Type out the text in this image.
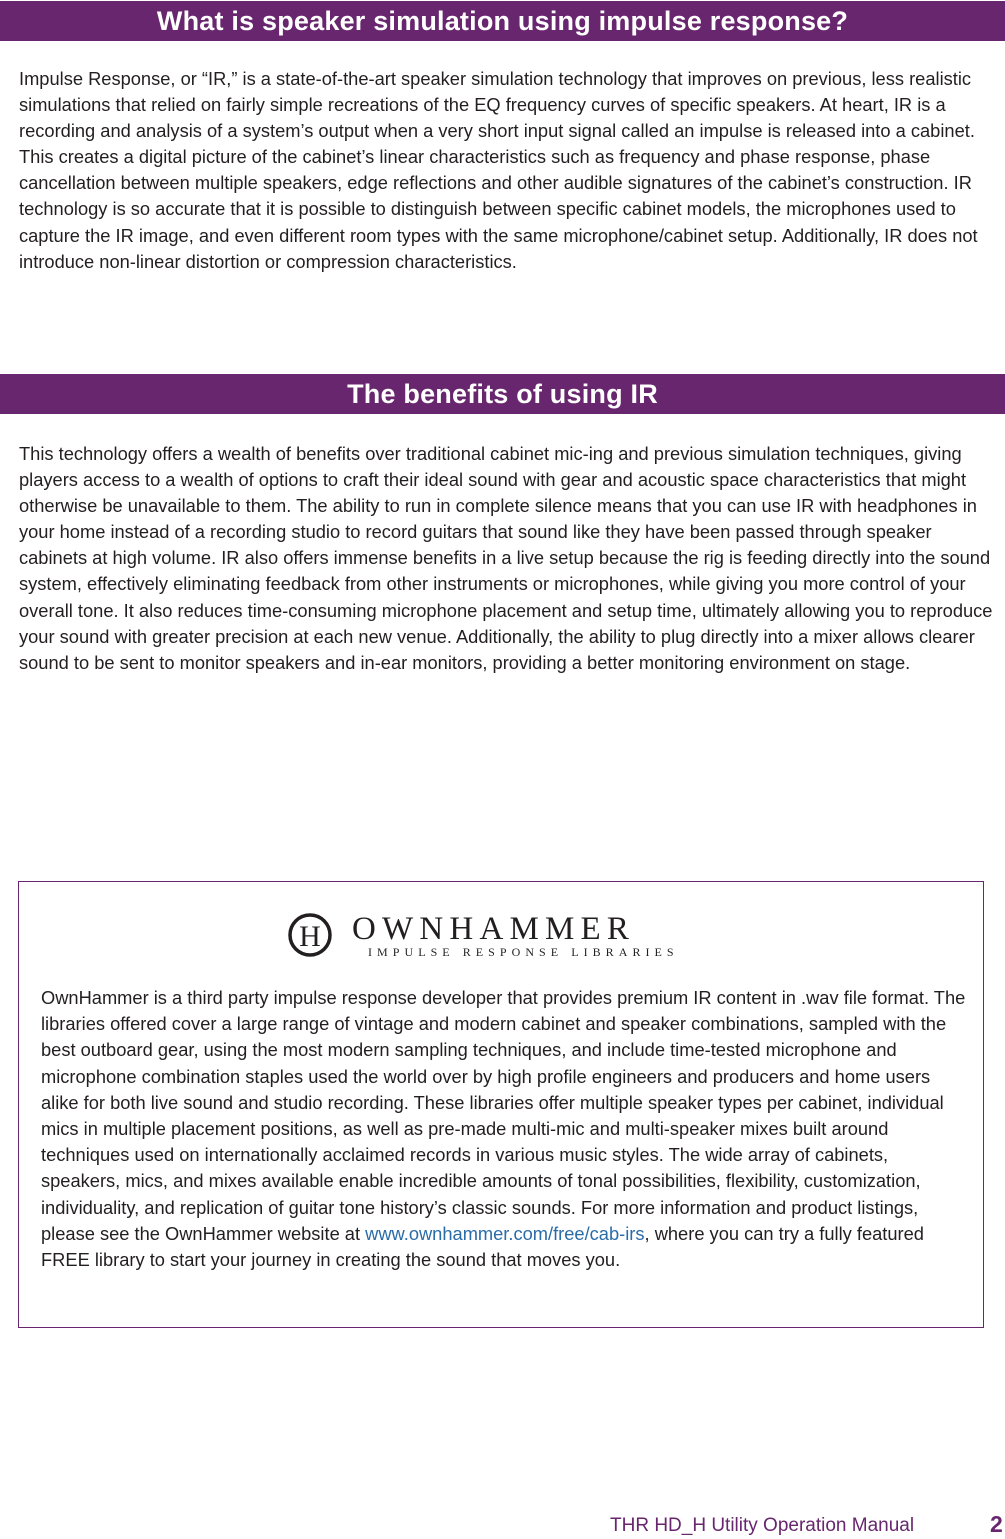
What is speaker simulation using impulse response?

Impulse Response, or “IR,” is a state-of-the-art speaker simulation technology that improves on previous, less realistic simulations that relied on fairly simple recreations of the EQ frequency curves of specific speakers. At heart, IR is a recording and analysis of a system’s output when a very short input signal called an impulse is released into a cabinet. This creates a digital picture of the cabinet’s linear characteristics such as frequency and phase response, phase cancellation between multiple speakers, edge reflections and other audible signatures of the cabinet’s construction. IR technology is so accurate that it is possible to distinguish between specific cabinet models, the microphones used to capture the IR image, and even different room types with the same microphone/cabinet setup. Additionally, IR does not introduce non-linear distortion or compression characteristics.

The benefits of using IR

This technology offers a wealth of benefits over traditional cabinet mic-ing and previous simulation techniques, giving players access to a wealth of options to craft their ideal sound with gear and acoustic space characteristics that might otherwise be unavailable to them. The ability to run in complete silence means that you can use IR with headphones in your home instead of a recording studio to record guitars that sound like they have been passed through speaker cabinets at high volume. IR also offers immense benefits in a live setup because the rig is feeding directly into the sound system, effectively eliminating feedback from other instruments or microphones, while giving you more control of your overall tone. It also reduces time-consuming microphone placement and setup time, ultimately allowing you to reproduce your sound with greater precision at each new venue. Additionally, the ability to plug directly into a mixer allows clearer sound to be sent to monitor speakers and in-ear monitors, providing a better monitoring environment on stage.

H OWNHAMMER
IMPULSE RESPONSE LIBRARIES

OwnHammer is a third party impulse response developer that provides premium IR content in .wav file format. The libraries offered cover a large range of vintage and modern cabinet and speaker combinations, sampled with the best outboard gear, using the most modern sampling techniques, and include time-tested microphone and microphone combination staples used the world over by high profile engineers and producers and home users alike for both live sound and studio recording. These libraries offer multiple speaker types per cabinet, individual mics in multiple placement positions, as well as pre-made multi-mic and multi-speaker mixes built around techniques used on internationally acclaimed records in various music styles. The wide array of cabinets, speakers, mics, and mixes available enable incredible amounts of tonal possibilities, flexibility, customization, individuality, and replication of guitar tone history’s classic sounds. For more information and product listings, please see the OwnHammer website at www.ownhammer.com/free/cab-irs, where you can try a fully featured FREE library to start your journey in creating the sound that moves you.

THR HD_H Utility Operation Manual	2
